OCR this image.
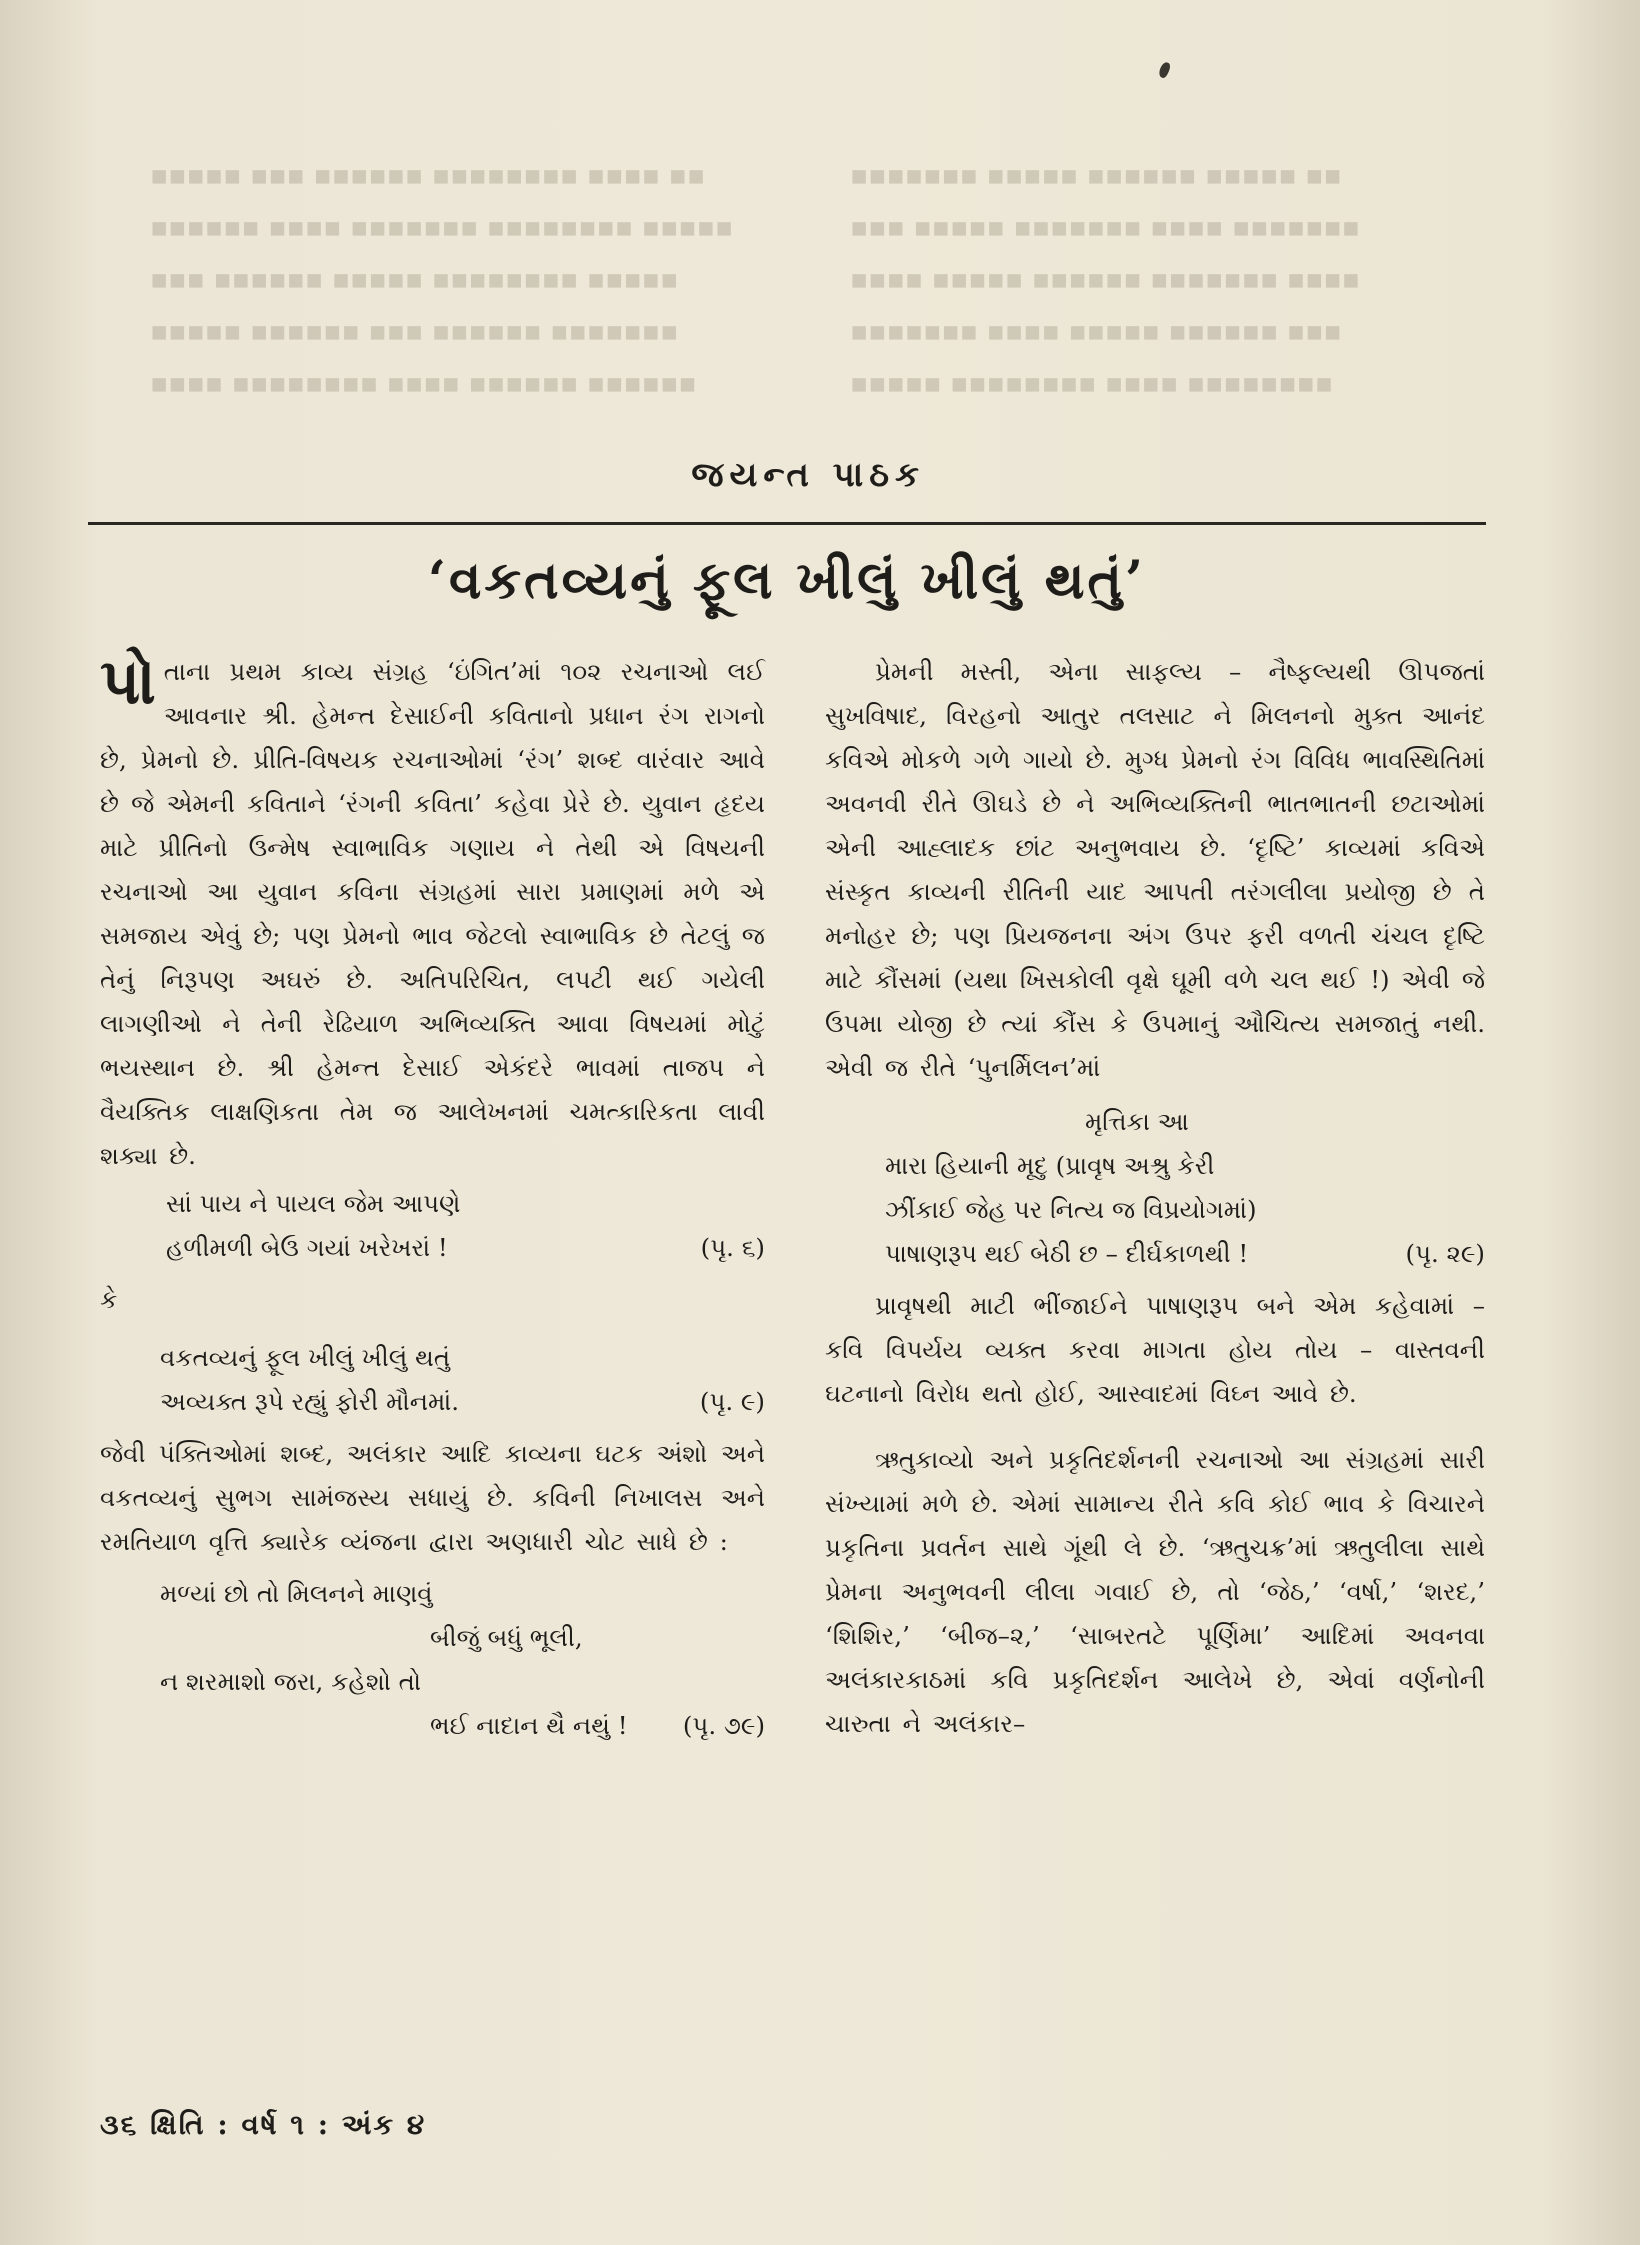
▪▪▪▪▪ ▪▪▪ ▪▪▪▪▪▪ ▪▪▪▪▪▪▪▪ ▪▪▪▪ ▪▪
▪▪▪▪▪▪ ▪▪▪▪ ▪▪▪▪▪▪▪ ▪▪▪▪▪▪▪▪ ▪▪▪▪▪
▪▪▪ ▪▪▪▪▪▪ ▪▪▪▪▪ ▪▪▪▪▪▪▪▪ ▪▪▪▪▪
▪▪▪▪▪ ▪▪▪▪▪▪ ▪▪▪ ▪▪▪▪▪▪ ▪▪▪▪▪▪▪
▪▪▪▪ ▪▪▪▪▪▪▪▪ ▪▪▪▪ ▪▪▪▪▪▪ ▪▪▪▪▪▪
▪▪▪▪▪▪▪ ▪▪▪▪▪ ▪▪▪▪▪▪ ▪▪▪▪▪ ▪▪
▪▪▪ ▪▪▪▪▪ ▪▪▪▪▪▪▪ ▪▪▪▪ ▪▪▪▪▪▪▪
▪▪▪▪ ▪▪▪▪▪ ▪▪▪▪▪▪ ▪▪▪▪▪▪▪ ▪▪▪▪
▪▪▪▪▪▪▪ ▪▪▪▪ ▪▪▪▪▪ ▪▪▪▪▪▪ ▪▪▪
▪▪▪▪▪ ▪▪▪▪▪▪▪▪ ▪▪▪▪ ▪▪▪▪▪▪▪▪
જયન્ત પાઠક
‘વકતવ્યનું ફૂલ ખીલું ખીલું થતું’

પોતાના પ્રથમ કાવ્ય સંગ્રહ ‘ઇંગિત’માં ૧૦૨ રચનાઓ લઈ આવનાર શ્રી. હેમન્ત દેસાઈની કવિતાનો પ્રધાન રંગ રાગનો છે, પ્રેમનો છે. પ્રીતિ-વિષયક રચનાઓમાં ‘રંગ’ શબ્દ વારંવાર આવે છે જે એમની કવિતાને ‘રંગની કવિતા’ કહેવા પ્રેરે છે. યુવાન હૃદય માટે પ્રીતિનો ઉન્મેષ સ્વાભાવિક ગણાય ને તેથી એ વિષયની રચનાઓ આ યુવાન કવિના સંગ્રહમાં સારા પ્રમાણમાં મળે એ સમજાય એવું છે; પણ પ્રેમનો ભાવ જેટલો સ્વાભાવિક છે તેટલું જ તેનું નિરૂપણ અઘરું છે. અતિપરિચિત, લપટી થઈ ગયેલી લાગણીઓ ને તેની રેઢિયાળ અભિવ્યક્તિ આવા વિષયમાં મોટું ભયસ્થાન છે. શ્રી હેમન્ત દેસાઈ એકંદરે ભાવમાં તાજપ ને વૈયક્તિક લાક્ષણિકતા તેમ જ આલેખનમાં ચમત્કારિકતા લાવી શક્યા છે.

સાં પાય ને પાયલ જેમ આપણે
હળીમળી બેઉ ગયાં ખરેખરાં !	(પૃ. ૬)
કે
વકતવ્યનું ફૂલ ખીલું ખીલું થતું
અવ્યક્ત રૂપે રહ્યું ફોરી મૌનમાં.	(પૃ. ૯)

જેવી પંક્તિઓમાં શબ્દ, અલંકાર આદિ કાવ્યના ઘટક અંશો અને વકતવ્યનું સુભગ સામંજસ્ય સધાયું છે. કવિની નિખાલસ અને રમતિયાળ વૃત્તિ ક્યારેક વ્યંજના દ્વારા અણધારી ચોટ સાધે છે :

મળ્યાં છો તો મિલનને માણવું
બીજું બધું ભૂલી,
ન શરમાશો જરા, કહેશો તો
ભઈ નાદાન થૈ નથું ! (પૃ. ૭૯)

પ્રેમની મસ્તી, એના સાફલ્ય – નૈષ્ફલ્યથી ઊપજતાં સુખવિષાદ, વિરહનો આતુર તલસાટ ને મિલનનો મુક્ત આનંદ કવિએ મોકળે ગળે ગાયો છે. મુગ્ધ પ્રેમનો રંગ વિવિધ ભાવસ્થિતિમાં અવનવી રીતે ઊઘડે છે ને અભિવ્યક્તિની ભાતભાતની છટાઓમાં એની આહ્લાદક છાંટ અનુભવાય છે. ‘દૃષ્ટિ’ કાવ્યમાં કવિએ સંસ્કૃત કાવ્યની રીતિની યાદ આપતી તરંગલીલા પ્રયોજી છે તે મનોહર છે; પણ પ્રિયજનના અંગ ઉપર ફરી વળતી ચંચલ દૃષ્ટિ માટે કૌંસમાં (યથા ખિસકોલી વૃક્ષે ઘૂમી વળે ચલ થઈ !) એવી જે ઉપમા યોજી છે ત્યાં કૌંસ કે ઉપમાનું ઔચિત્ય સમજાતું નથી. એવી જ રીતે ‘પુનર્મિલન’માં

મૃત્તિકા આ
મારા હિયાની મૃદુ (પ્રાવૃષ અશ્રુ કેરી
ઝીંકાઈ જેહ પર નિત્ય જ વિપ્રયોગમાં)
પાષાણરૂપ થઈ બેઠી છ – દીર્ઘકાળથી !	(પૃ. ૨૯)

પ્રાવૃષથી માટી ભીંજાઈને પાષાણરૂપ બને એમ કહેવામાં – કવિ વિપર્યય વ્યક્ત કરવા માગતા હોય તોય – વાસ્તવની ઘટનાનો વિરોધ થતો હોઈ, આસ્વાદમાં વિઘ્ન આવે છે.

ઋતુકાવ્યો અને પ્રકૃતિદર્શનની રચનાઓ આ સંગ્રહમાં સારી સંખ્યામાં મળે છે. એમાં સામાન્ય રીતે કવિ કોઈ ભાવ કે વિચારને પ્રકૃતિના પ્રવર્તન સાથે ગૂંથી લે છે. ‘ઋતુચક્ર’માં ઋતુલીલા સાથે પ્રેમના અનુભવની લીલા ગવાઈ છે, તો ‘જેઠ,’ ‘વર્ષા,’ ‘શરદ,’ ‘શિશિર,’ ‘બીજ–૨,’ ‘સાબરતટે પૂર્ણિમા’ આદિમાં અવનવા અલંકારકાઠમાં કવિ પ્રકૃતિદર્શન આલેખે છે, એવાં વર્ણનોની ચારુતા ને અલંકાર–

૩૬ ક્ષિતિ : વર્ષ ૧ : અંક ૪
